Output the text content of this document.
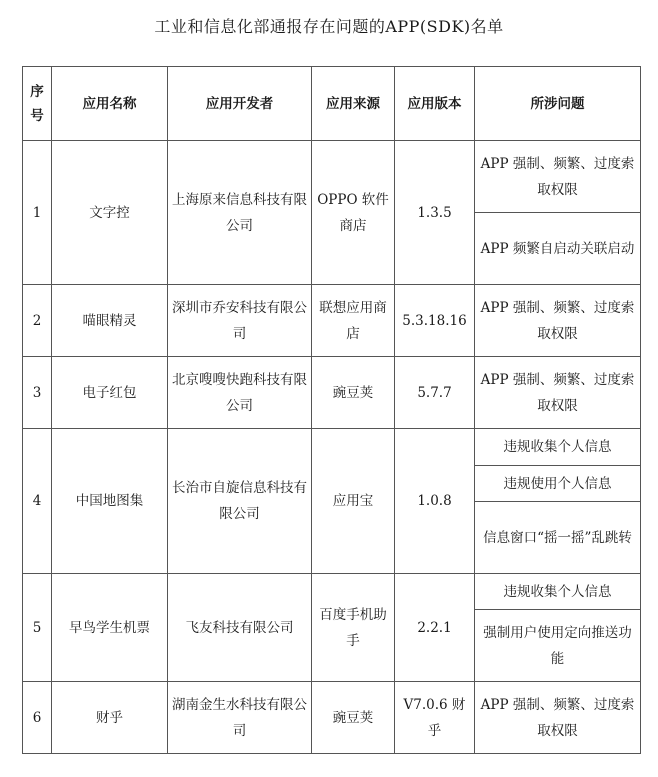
工业和信息化部通报存在问题的APP(SDK)名单
序号	应用名称	应用开发者	应用来源	应用版本	所涉问题
1	文字控	上海原来信息科技有限公司	OPPO 软件商店	1.3.5	APP 强制、频繁、过度索取权限

					APP 频繁自启动关联启动

2	喵眼精灵	深圳市乔安科技有限公司	联想应用商店	5.3.18.16	APP 强制、频繁、过度索取权限

3	电子红包	北京嗖嗖快跑科技有限公司	豌豆荚	5.7.7	APP 强制、频繁、过度索取权限

4	中国地图集	长治市自旋信息科技有限公司	应用宝	1.0.8	违规收集个人信息
					违规使用个人信息

					信息窗口“摇一摇”乱跳转

5	早鸟学生机票	飞友科技有限公司	百度手机助手	2.2.1	违规收集个人信息

					强制用户使用定向推送功能

6	财乎	湖南金生水科技有限公司	豌豆荚	V7.0.6 财乎	APP 强制、频繁、过度索取权限
